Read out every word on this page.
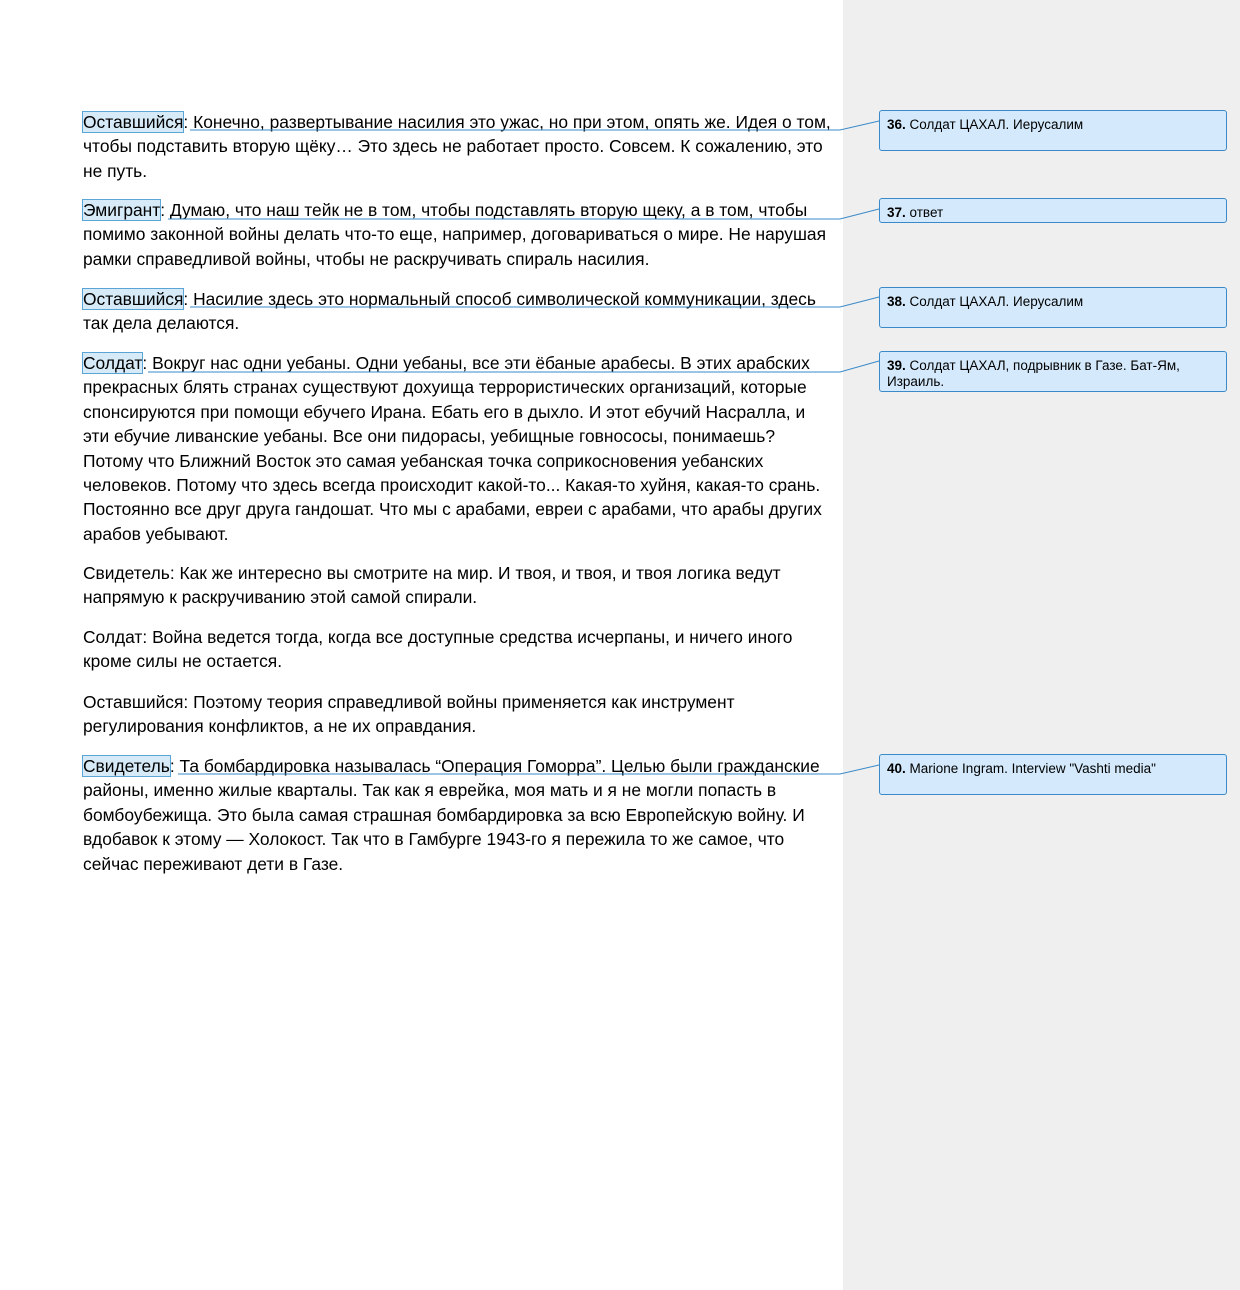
Оставшийся: Конечно, развертывание насилия это ужас, но при этом, опять же. Идея о том, чтобы подставить вторую щёку… Это здесь не работает просто. Совсем. К сожалению, это не путь.

Эмигрант: Думаю, что наш тейк не в том, чтобы подставлять вторую щеку, а в том, чтобы помимо законной войны делать что-то еще, например, договариваться о мире. Не нарушая рамки справедливой войны, чтобы не раскручивать спираль насилия.

Оставшийся: Насилие здесь это нормальный способ символической коммуникации, здесь так дела делаются.

Солдат: Вокруг нас одни уебаны. Одни уебаны, все эти ёбаные арабесы. В этих арабских прекрасных блять странах существуют дохуища террористических организаций, которые спонсируются при помощи ебучего Ирана. Ебать его в дыхло. И этот ебучий Насралла, и эти ебучие ливанские уебаны. Все они пидорасы, уебищные говнососы, понимаешь? Потому что Ближний Восток это самая уебанская точка соприкосновения уебанских человеков. Потому что здесь всегда происходит какой-то... Какая-то хуйня, какая-то срань. Постоянно все друг друга гандошат. Что мы с арабами, евреи с арабами, что арабы других арабов уебывают.

Свидетель: Как же интересно вы смотрите на мир. И твоя, и твоя, и твоя логика ведут напрямую к раскручиванию этой самой спирали.

Солдат: Война ведется тогда, когда все доступные средства исчерпаны, и ничего иного кроме силы не остается.

Оставшийся: Поэтому теория справедливой войны применяется как инструмент регулирования конфликтов, а не их оправдания.

Свидетель: Та бомбардировка называлась “Операция Гоморра”. Целью были гражданские районы, именно жилые кварталы. Так как я еврейка, моя мать и я не могли попасть в бомбоубежища. Это была самая страшная бомбардировка за всю Европейскую войну. И вдобавок к этому — Холокост. Так что в Гамбурге 1943-го я пережила то же самое, что сейчас переживают дети в Газе.

36. Солдат ЦАХАЛ. Иерусалим
37. ответ
38. Солдат ЦАХАЛ. Иерусалим
39. Солдат ЦАХАЛ, подрывник в Газе. Бат-Ям, Израиль.
40. Marione Ingram. Interview "Vashti media"
